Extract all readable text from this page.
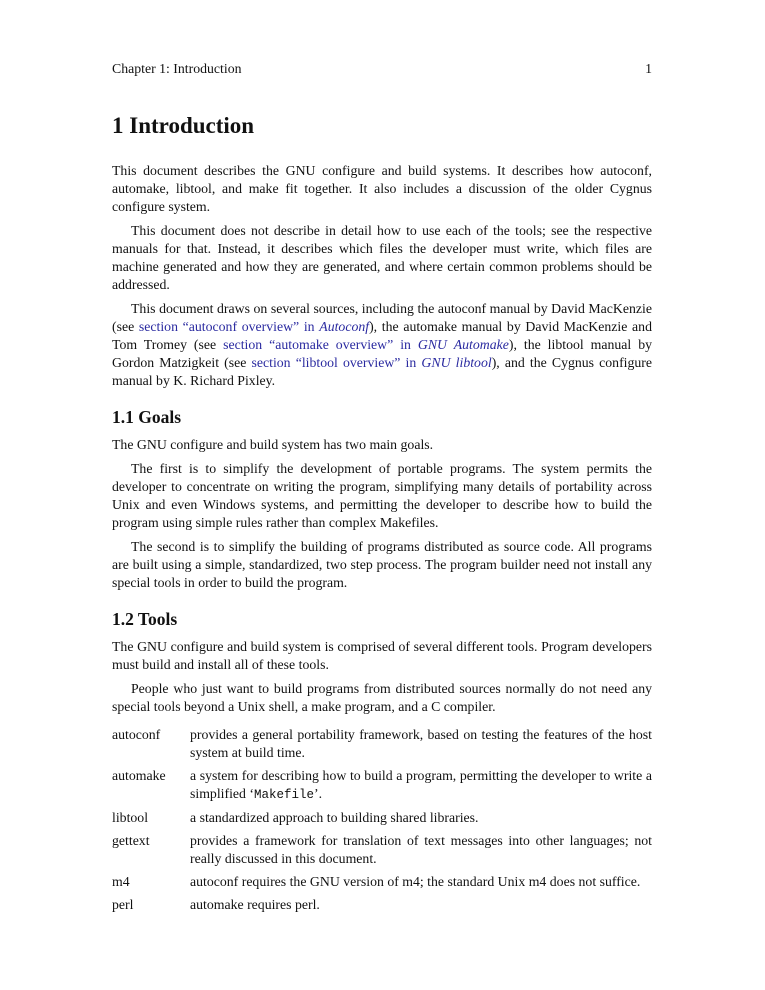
Chapter 1: Introduction	1
1 Introduction

This document describes the GNU configure and build systems. It describes how autoconf, automake, libtool, and make fit together. It also includes a discussion of the older Cygnus configure system.

This document does not describe in detail how to use each of the tools; see the respective manuals for that. Instead, it describes which files the developer must write, which files are machine generated and how they are generated, and where certain common problems should be addressed.

This document draws on several sources, including the autoconf manual by David MacKenzie (see section “autoconf overview” in Autoconf), the automake manual by David MacKenzie and Tom Tromey (see section “automake overview” in GNU Automake), the libtool manual by Gordon Matzigkeit (see section “libtool overview” in GNU libtool), and the Cygnus configure manual by K. Richard Pixley.

1.1 Goals

The GNU configure and build system has two main goals.

The first is to simplify the development of portable programs. The system permits the developer to concentrate on writing the program, simplifying many details of portability across Unix and even Windows systems, and permitting the developer to describe how to build the program using simple rules rather than complex Makefiles.

The second is to simplify the building of programs distributed as source code. All programs are built using a simple, standardized, two step process. The program builder need not install any special tools in order to build the program.

1.2 Tools

The GNU configure and build system is comprised of several different tools. Program developers must build and install all of these tools.

People who just want to build programs from distributed sources normally do not need any special tools beyond a Unix shell, a make program, and a C compiler.

autoconf	provides a general portability framework, based on testing the features of the host system at build time.
automake	a system for describing how to build a program, permitting the developer to write a simplified ‘Makefile’.
libtool	a standardized approach to building shared libraries.
gettext	provides a framework for translation of text messages into other languages; not really discussed in this document.
m4	autoconf requires the GNU version of m4; the standard Unix m4 does not suffice.
perl	automake requires perl.
